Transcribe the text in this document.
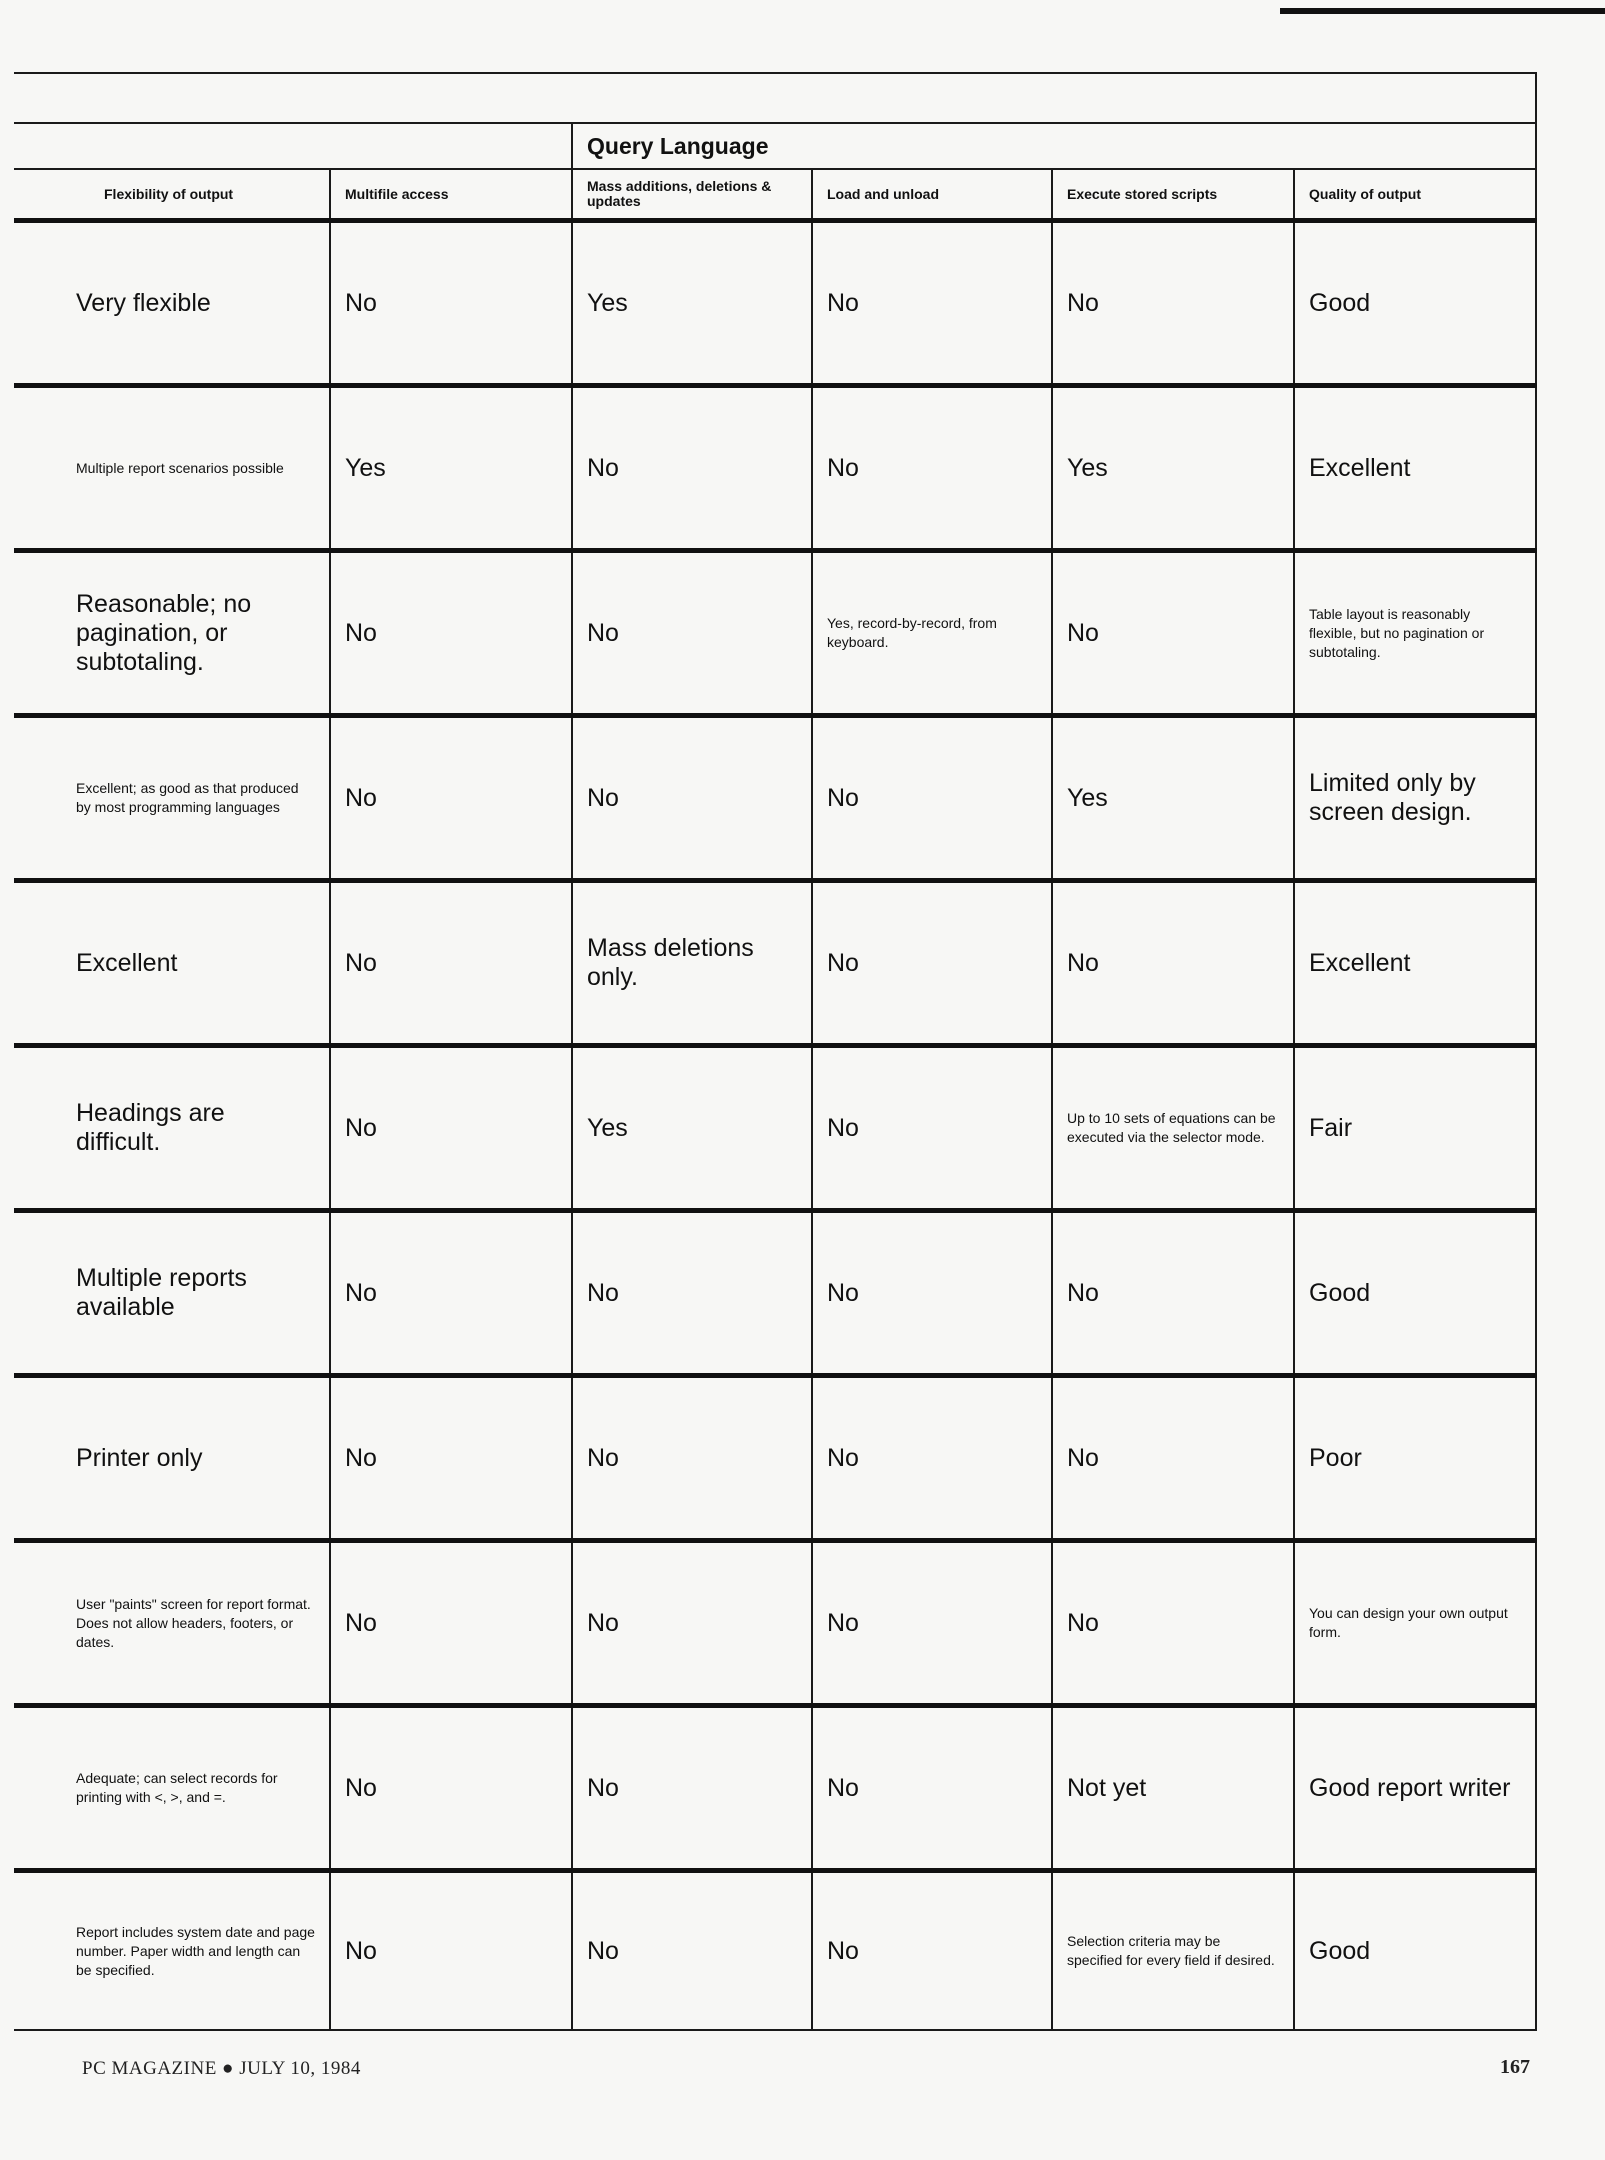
		Query Language			
Flexibility of output	Multifile access	Mass additions, deletions & updates	Load and unload	Execute stored scripts	Quality of output
Very flexible	No	Yes	No	No	Good
Multiple report scenarios possible	Yes	No	No	Yes	Excellent
Reasonable; no pagination, or subtotaling.	No	No	Yes, record-by-record, from keyboard.	No	Table layout is reasonably flexible, but no pagination or subtotaling.
Excellent; as good as that produced by most programming languages	No	No	No	Yes	Limited only by screen design.
Excellent	No	Mass deletions only.	No	No	Excellent
Headings are difficult.	No	Yes	No	Up to 10 sets of equations can be executed via the selector mode.	Fair
Multiple reports available	No	No	No	No	Good
Printer only	No	No	No	No	Poor
User "paints" screen for report format. Does not allow headers, footers, or dates.	No	No	No	No	You can design your own output form.
Adequate; can select records for printing with <, >, and =.	No	No	No	Not yet	Good report writer
Report includes system date and page number. Paper width and length can be specified.	No	No	No	Selection criteria may be specified for every field if desired.	Good
PC MAGAZINE ● JULY 10, 1984	167
